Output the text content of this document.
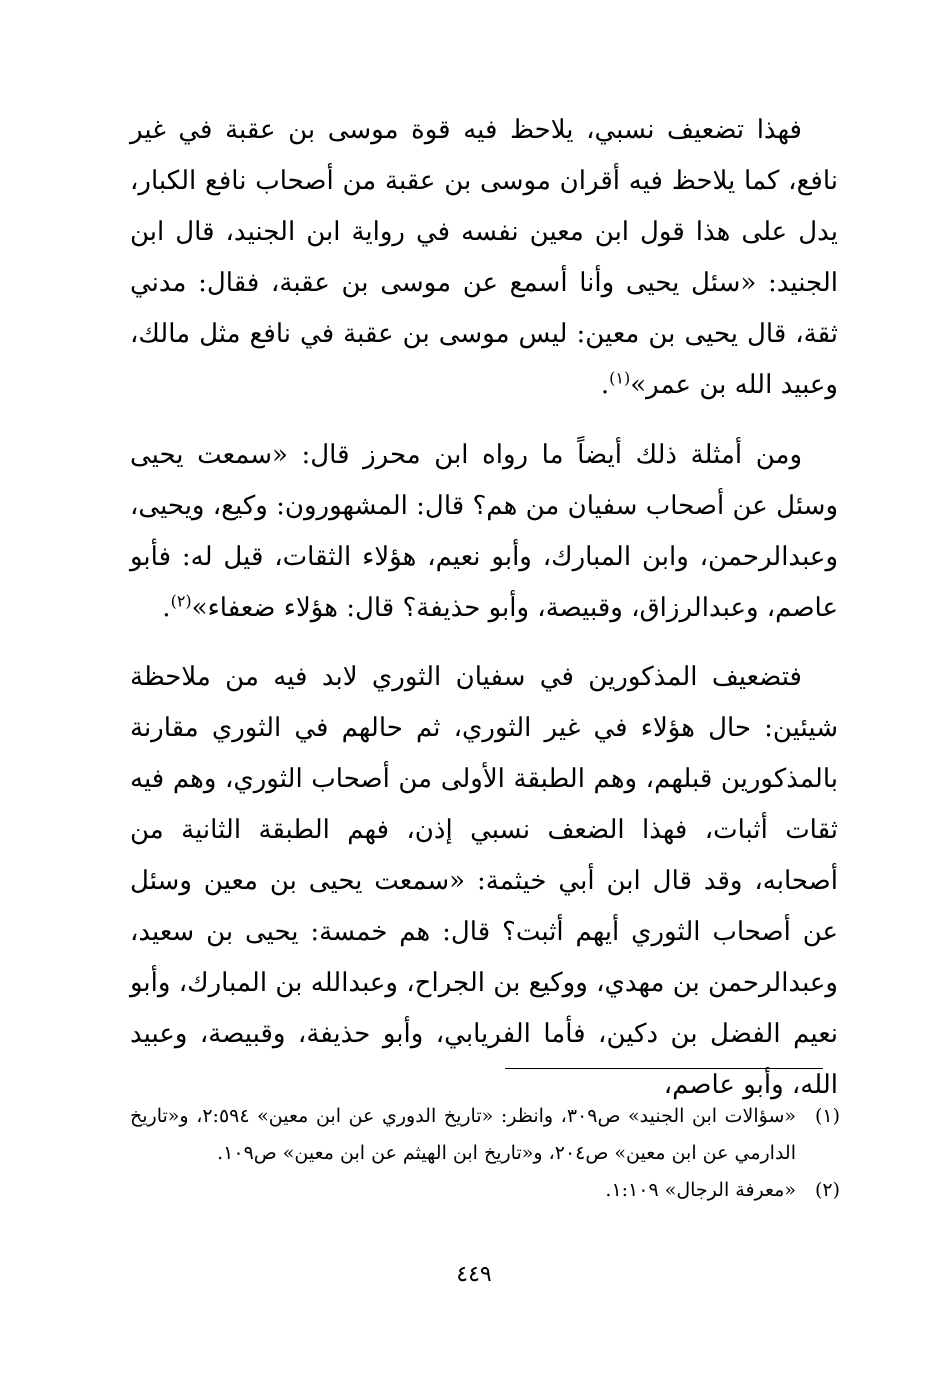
فهذا تضعيف نسبي، يلاحظ فيه قوة موسى بن عقبة في غير نافع، كما يلاحظ فيه أقران موسى بن عقبة من أصحاب نافع الكبار، يدل على هذا قول ابن معين نفسه في رواية ابن الجنيد، قال ابن الجنيد: «سئل يحيى وأنا أسمع عن موسى بن عقبة، فقال: مدني ثقة، قال يحيى بن معين: ليس موسى بن عقبة في نافع مثل مالك، وعبيد الله بن عمر»$^{(١)}$.

ومن أمثلة ذلك أيضاً ما رواه ابن محرز قال: «سمعت يحيى وسئل عن أصحاب سفيان من هم؟ قال: المشهورون: وكيع، ويحيى، وعبدالرحمن، وابن المبارك، وأبو نعيم، هؤلاء الثقات، قيل له: فأبو عاصم، وعبدالرزاق، وقبيصة، وأبو حذيفة؟ قال: هؤلاء ضعفاء»$^{(٢)}$.

فتضعيف المذكورين في سفيان الثوري لابد فيه من ملاحظة شيئين: حال هؤلاء في غير الثوري، ثم حالهم في الثوري مقارنة بالمذكورين قبلهم، وهم الطبقة الأولى من أصحاب الثوري، وهم فيه ثقات أثبات، فهذا الضعف نسبي إذن، فهم الطبقة الثانية من أصحابه، وقد قال ابن أبي خيثمة: «سمعت يحيى بن معين وسئل عن أصحاب الثوري أيهم أثبت؟ قال: هم خمسة: يحيى بن سعيد، وعبدالرحمن بن مهدي، ووكيع بن الجراح، وعبدالله بن المبارك، وأبو نعيم الفضل بن دكين، فأما الفريابي، وأبو حذيفة، وقبيصة، وعبيد الله، وأبو عاصم،

(١)
«سؤالات ابن الجنيد» ص٣٠٩، وانظر: «تاريخ الدوري عن ابن معين» ٢:٥٩٤، و«تاريخ الدارمي عن ابن معين» ص٢٠٤، و«تاريخ ابن الهيثم عن ابن معين» ص١٠٩.
(٢)
«معرفة الرجال» ١:١٠٩.
٤٤٩
